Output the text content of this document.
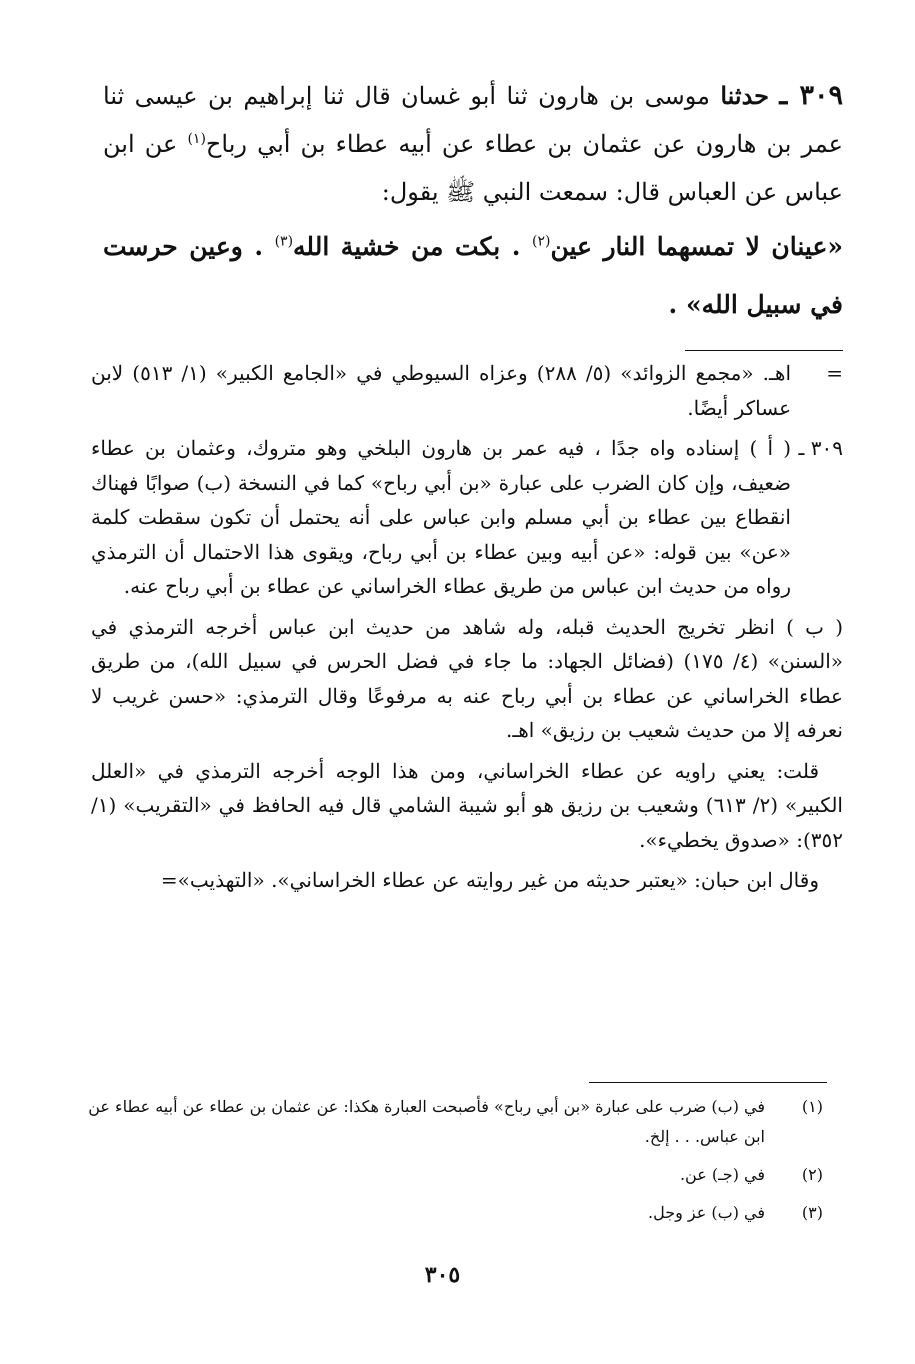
٣٠٩ ـ حدثنا موسى بن هارون ثنا أبو غسان قال ثنا إبراهيم بن عيسى ثنا عمر بن هارون عن عثمان بن عطاء عن أبيه عطاء بن أبي رباح$^{(١)}$ عن ابن عباس عن العباس قال: سمعت النبي ﷺ يقول:

«عينان لا تمسهما النار عين$^{(٢)}$ . بكت من خشية الله$^{(٣)}$ . وعين حرست في سبيل الله» .

=
اهـ. «مجمع الزوائد» (٥/ ٢٨٨) وعزاه السيوطي في «الجامع الكبير» (١/ ٥١٣) لابن عساكر أيضًا.
٣٠٩ ـ
( أ ) إسناده واه جدًا ، فيه عمر بن هارون البلخي وهو متروك، وعثمان بن عطاء ضعيف، وإن كان الضرب على عبارة «بن أبي رباح» كما في النسخة (ب) صوابًا فهناك انقطاع بين عطاء بن أبي مسلم وابن عباس على أنه يحتمل أن تكون سقطت كلمة «عن» بين قوله: «عن أبيه وبين عطاء بن أبي رباح، ويقوى هذا الاحتمال أن الترمذي رواه من حديث ابن عباس من طريق عطاء الخراساني عن عطاء بن أبي رباح عنه.
( ب ) انظر تخريج الحديث قبله، وله شاهد من حديث ابن عباس أخرجه الترمذي في «السنن» (٤/ ١٧٥) (فضائل الجهاد: ما جاء في فضل الحرس في سبيل الله)، من طريق عطاء الخراساني عن عطاء بن أبي رباح عنه به مرفوعًا وقال الترمذي: «حسن غريب لا نعرفه إلا من حديث شعيب بن رزيق» اهـ.
قلت: يعني راويه عن عطاء الخراساني، ومن هذا الوجه أخرجه الترمذي في «العلل الكبير» (٢/ ٦١٣) وشعيب بن رزيق هو أبو شيبة الشامي قال فيه الحافظ في «التقريب» (١/ ٣٥٢): «صدوق يخطيء».
وقال ابن حبان: «يعتبر حديثه من غير روايته عن عطاء الخراساني». «التهذيب»=
(١)
في (ب) ضرب على عبارة «بن أبي رباح» فأصبحت العبارة هكذا: عن عثمان بن عطاء عن أبيه عطاء عن ابن عباس. . . إلخ.
(٢)
في (جـ) عن.
(٣)
في (ب) عز وجل.
٣٠٥
